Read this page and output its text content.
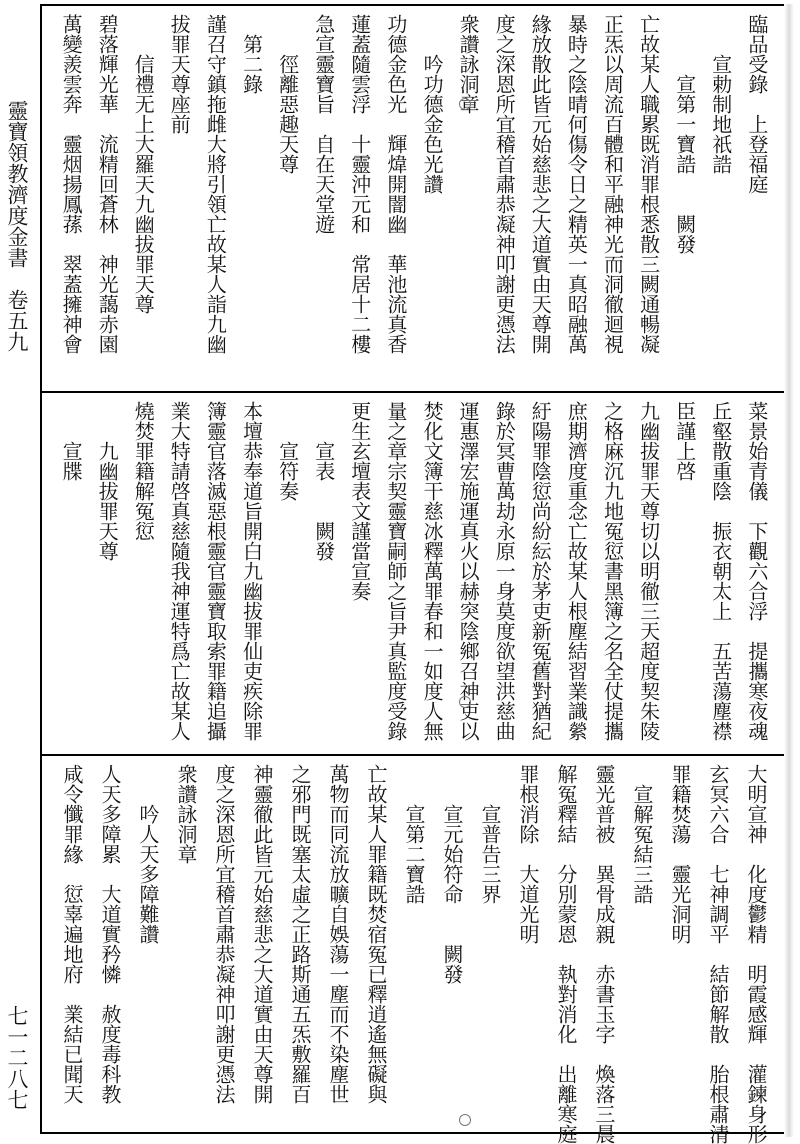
靈寶領教濟度金書　卷五九
七一二八七
臨品受錄　上登福庭
　　宣勅制地祇誥
　　　宣第一寶誥　　闕發
亡故某人職累既消罪根悉散三闕通暢凝
正炁以周流百體和平融神光而洞徹迴視
暴時之陰晴何傷令日之精英一真昭融萬
緣放散此皆元始慈悲之大道實由天尊開
度之深恩所宜稽首肅恭凝神叩謝更憑法
衆讚詠洞章
　　吟功德金色光讚
功德金色光　輝煒開闇幽　華池流真香
蓮蓋隨雲浮　十靈沖元和　常居十二樓
急宣靈寶旨　自在天堂遊
　　徑離惡趣天尊
　第二錄
謹召守鎮拖雌大將引領亡故某人詣九幽
拔罪天尊座前
　　信禮无上大羅天九幽拔罪天尊
碧落輝光華　流精回蒼林　神光藹赤園
萬變羨雲奔　靈烟揚鳳蓀　翠蓋擁神會
菜景始青儀　下觀六合浮　提攜寒夜魂
丘壑散重陰　振衣朝太上　五苦蕩塵襟
臣謹上啓
九幽拔罪天尊切以明徹三天超度契朱陵
之格麻沉九地冤愆書黑簿之名全仗提攜
庶期濟度重念亡故某人根塵結習業識縈
紆陽罪陰愆尚紛紜於茅吏新冤舊對猶紀
錄於冥曹萬劫永原一身莫度欲望洪慈曲
運惠澤宏施運真火以赫突陰鄉召神吏以
焚化文簿干慈冰釋萬罪春和一如度人無
量之章宗契靈寶嗣師之旨尹真監度受錄
更生玄壇表文謹當宣奏
　　宣表　　闕發
　　宣符奏
本壇恭奉道旨開白九幽拔罪仙吏疾除罪
簿靈官落滅惡根靈官靈寶取索罪籍追攝
業大特請啓真慈隨我神運特爲亡故某人
燒焚罪籍解冤愆
　　九幽拔罪天尊
　　宣牒
大明宣神　化度鬱精　明霞感輝　灌鍊身形
玄冥六合　七神調平　結節解散　胎根肅清
罪籍焚蕩　靈光洞明
　宣解冤結三誥
靈光普被　異骨成親　赤書玉字　煥落三晨
解冤釋結　分別蒙恩　執對消化　出離寒庭
罪根消除　大道光明
　　宣普告三界
　　宣元始符命　　闕發
　　宣第二寶誥
亡故某人罪籍既焚宿冤已釋逍遙無礙與
萬物而同流放曠自娛蕩一塵而不染塵世
之邪門既塞太虛之正路斯通五炁敷羅百
神靈徹此皆元始慈悲之大道實由天尊開
度之深恩所宜稽首肅恭凝神叩謝更憑法
衆讚詠洞章
　　吟人天多障難讚
人天多障累　大道實矜憐　赦度毒科教
咸令懺罪緣　愆辜遍地府　業結已聞天
